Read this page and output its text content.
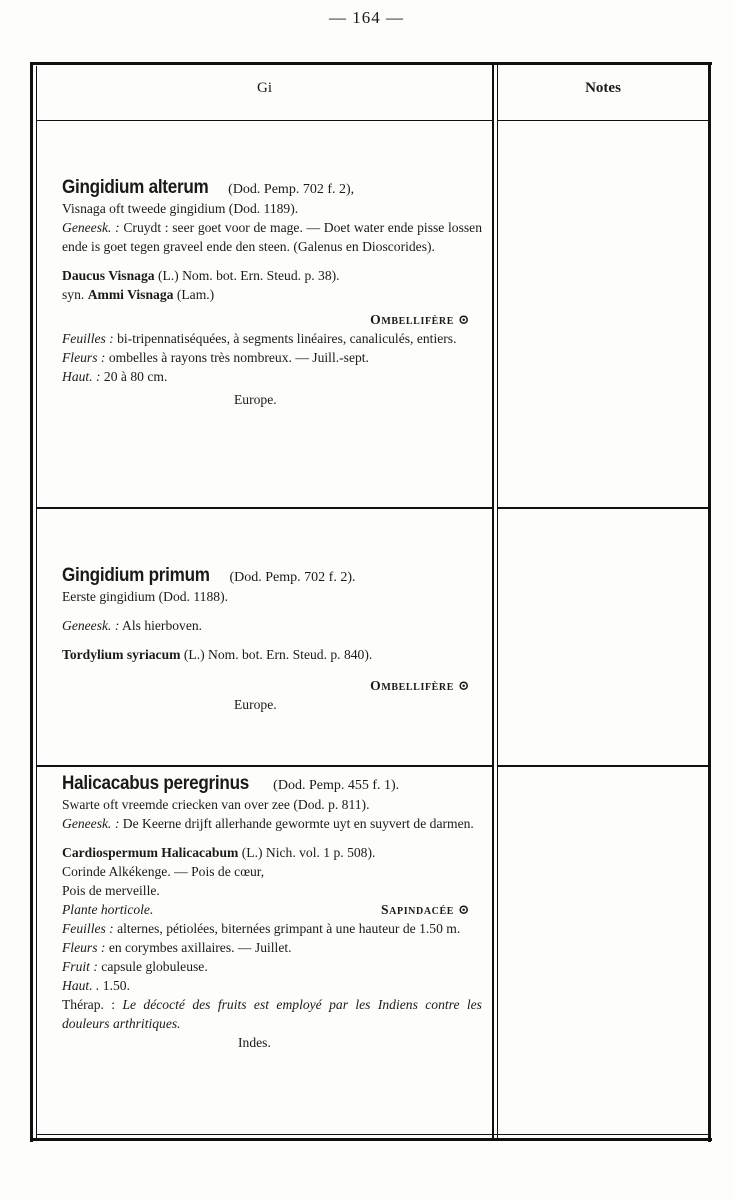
— 164 —
Gi	Notes
Gingidium alterum (Dod. Pemp. 702 f. 2),
Visnaga oft tweede gingidium (Dod. 1189).
Geneesk. : Cruydt : seer goet voor de mage. — Doet water ende pisse lossen ende is goet tegen graveel ende den steen. (Galenus en Dioscorides).
Daucus Visnaga (L.) Nom. bot. Ern. Steud. p. 38).
syn. Ammi Visnaga (Lam.)
Ombellifère ⊙
Feuilles : bi-tripennatiséquées, à segments linéaires, canaliculés, entiers.
Fleurs : ombelles à rayons très nombreux. — Juill.-sept.
Haut. : 20 à 80 cm.
Europe.
Gingidium primum (Dod. Pemp. 702 f. 2).
Eerste gingidium (Dod. 1188).
Geneesk. : Als hierboven.
Tordylium syriacum (L.) Nom. bot. Ern. Steud. p. 840).
Ombellifère ⊙
Europe.
Halicacabus peregrinus (Dod. Pemp. 455 f. 1).
Swarte oft vreemde criecken van over zee (Dod. p. 811).
Geneesk. : De Keerne drijft allerhande gewormte uyt en suyvert de darmen.
Cardiospermum Halicacabum (L.) Nich. vol. 1 p. 508).
Corinde Alkékenge. — Pois de cœur,
Pois de merveille.
Plante horticole.	Sapindacée ⊙
Feuilles : alternes, pétiolées, biternées grimpant à une hauteur de 1.50 m.
Fleurs : en corymbes axillaires. — Juillet.
Fruit : capsule globuleuse.
Haut. . 1.50.
Thérap. : Le décocté des fruits est employé par les Indiens contre les douleurs arthritiques.
Indes.
